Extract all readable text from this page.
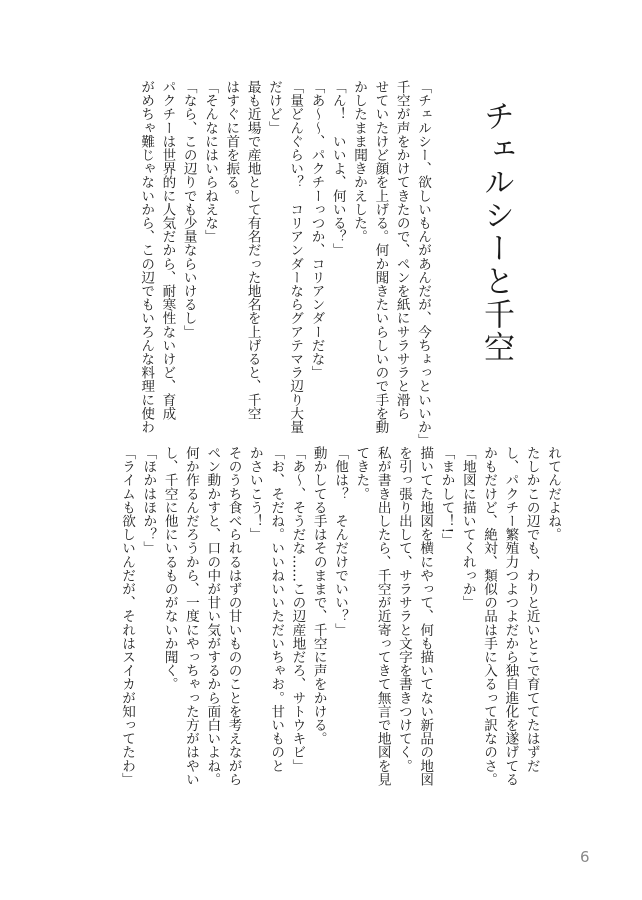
チェルシーと千空
「チェルシー、欲しいもんがあんだが、今ちょっといいか」
千空が声をかけてきたので、ペンを紙にサラサラと滑ら
せていたけど顔を上げる。何か聞きたいらしいので手を動
かしたまま聞きかえした。
「ん！　いいよ、何いる？」
「あ～～、パクチーっつか、コリアンダーだな」
「量どんぐらい？　コリアンダーならグアテマラ辺り大量
だけど」
最も近場で産地として有名だった地名を上げると、千空
はすぐに首を振る。
「そんなにはいらねえな」
「なら、この辺りでも少量ならいけるし」
パクチーは世界的に人気だから、耐寒性ないけど、育成
がめちゃ難じゃないから、この辺でもいろんな料理に使わ
れてんだよね。
たしかこの辺でも、わりと近いとこで育ててたはずだ
し、パクチー繁殖力つよつよだから独自進化を遂げてる
かもだけど、絶対、類似の品は手に入るって訳なのさ。
「地図に描いてくれっか」
「まかして！!」
描いてた地図を横にやって、何も描いてない新品の地図
を引っ張り出して、サラサラと文字を書きつけてく。
私が書き出したら、千空が近寄ってきて無言で地図を見
てきた。
「他は？　そんだけでいい？」
動かしてる手はそのままで、千空に声をかける。
「あ～、そうだな……この辺産地だろ、サトウキビ」
「お、そだね。いいねいいただいちゃお。甘いものと
かさいこう！」
そのうち食べられるはずの甘いもののことを考えながら
ペン動かすと、口の中が甘い気がするから面白いよね。
何か作るんだろうから、一度にやっちゃった方がはやい
し、千空に他にいるものがないか聞く。
「ほかはほか？」
「ライムも欲しいんだが、それはスイカが知ってたわ」
6
